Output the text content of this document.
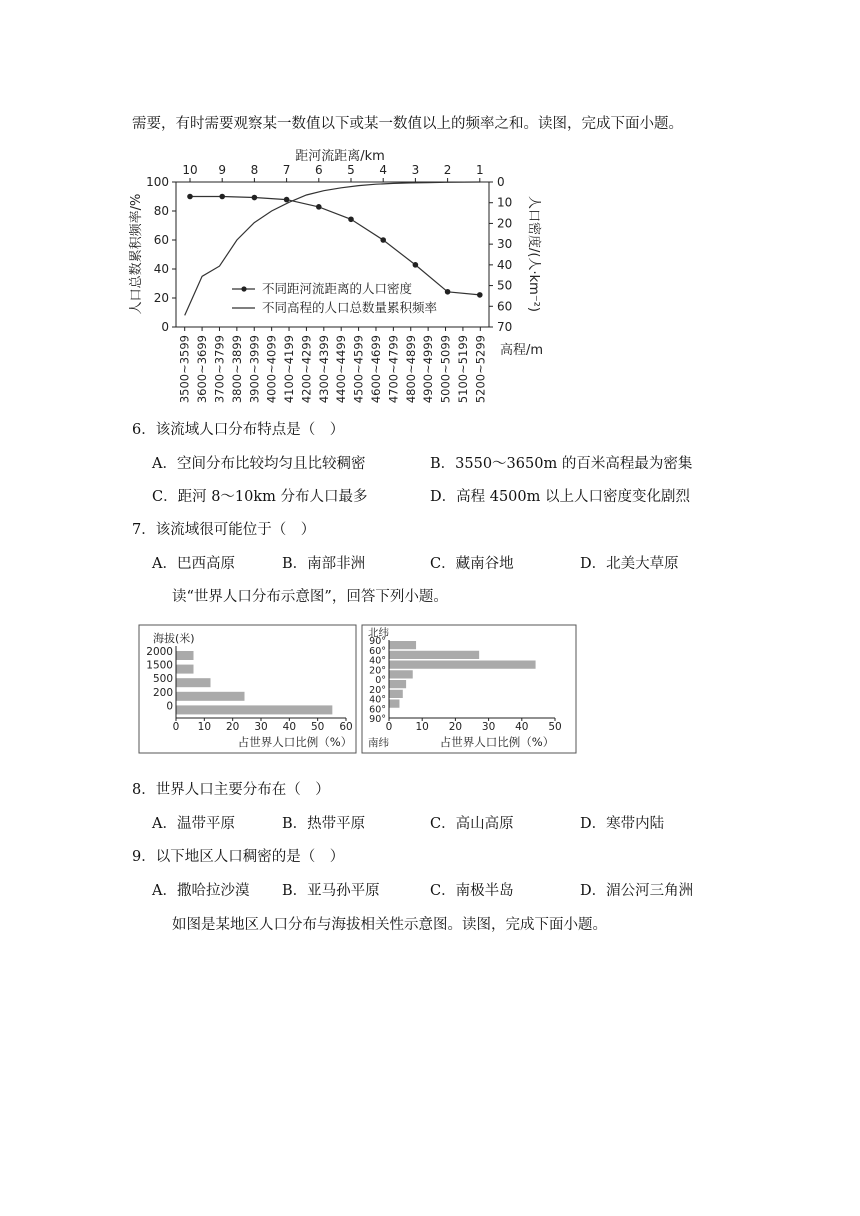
需要，有时需要观察某一数值以下或某一数值以上的频率之和。读图，完成下面小题。
距河流距离/km
10 9 8 7 6 5 4 3 2 1
0
20
40
60
80
100	0
10
20
30
40
50
60
70
人口总数累积频率/%	人口密度/(人·km⁻²)
3500~3599 3600~3699 3700~3799 3800~3899 3900~3999 4000~4099 4100~4199 4200~4299 4300~4399 4400~4499 4500~4599 4600~4699 4700~4799 4800~4899 4900~4999 5000~5099 5100~5199 5200~5299 高程/m
不同距河流距离的人口密度
不同高程的人口总数量累积频率
6．该流域人口分布特点是（　）
A．空间分布比较均匀且比较稠密	B．3550～3650m 的百米高程最为密集
C．距河 8～10km 分布人口最多	D．高程 4500m 以上人口密度变化剧烈
7．该流域很可能位于（　）
A．巴西高原	B．南部非洲	C．藏南谷地	D．北美大草原
读“世界人口分布示意图”，回答下列小题。
海拔(米)
2000
1500
500
200
0
0 10 20 30 40 50 60
占世界人口比例（%）
北纬
南纬
90°
60°
40°
20°
0°
20°
40°
60°
90°
0 10 20 30 40 50
占世界人口比例（%）
8．世界人口主要分布在（　）
A．温带平原	B．热带平原	C．高山高原	D．寒带内陆
9．以下地区人口稠密的是（　）
A．撒哈拉沙漠 B．亚马孙平原	C．南极半岛	D．湄公河三角洲
如图是某地区人口分布与海拔相关性示意图。读图，完成下面小题。
